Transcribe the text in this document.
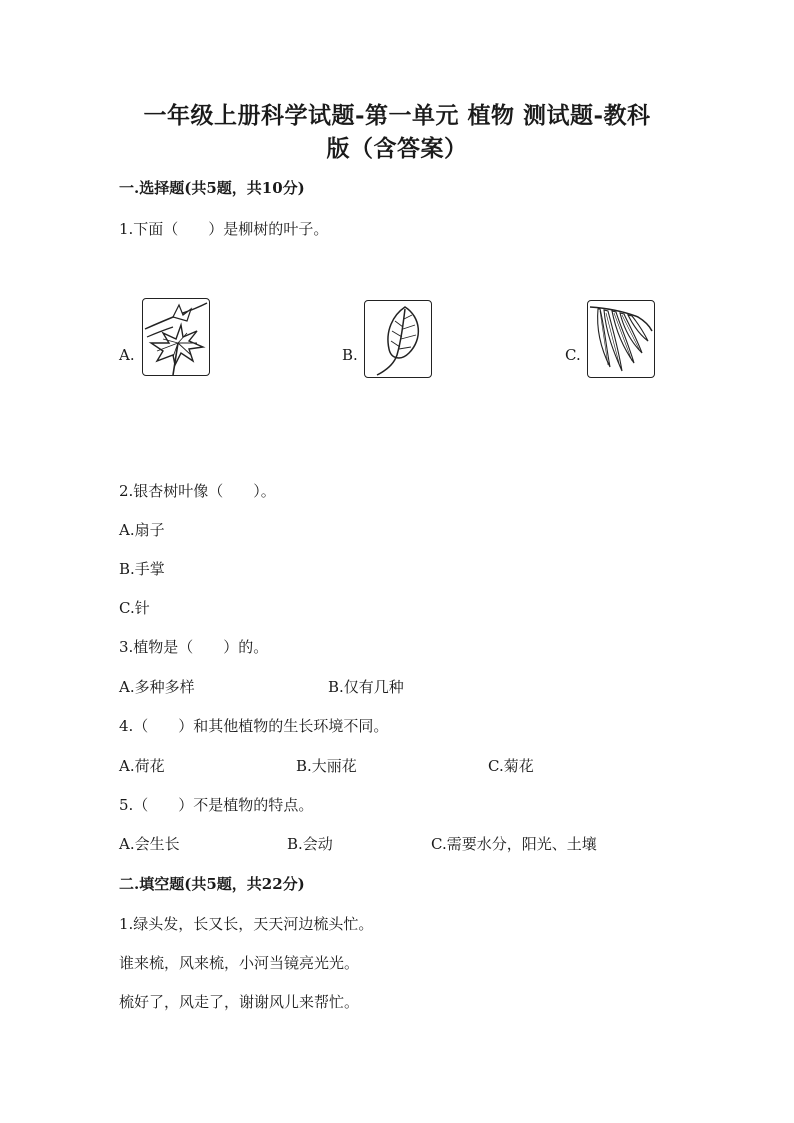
一年级上册科学试题-第一单元 植物 测试题-教科
版（含答案）
一.选择题(共5题，共10分)
1.下面（　　）是柳树的叶子。
A.	B.	C.
2.银杏树叶像（　　）。
A.扇子
B.手掌
C.针
3.植物是（　　）的。
A.多种多样	B.仅有几种
4.（　　）和其他植物的生长环境不同。
A.荷花	B.大丽花	C.菊花
5.（　　）不是植物的特点。
A.会生长	B.会动	C.需要水分，阳光、土壤
二.填空题(共5题，共22分)
1.绿头发，长又长，天天河边梳头忙。
谁来梳，风来梳，小河当镜亮光光。
梳好了，风走了，谢谢风儿来帮忙。
